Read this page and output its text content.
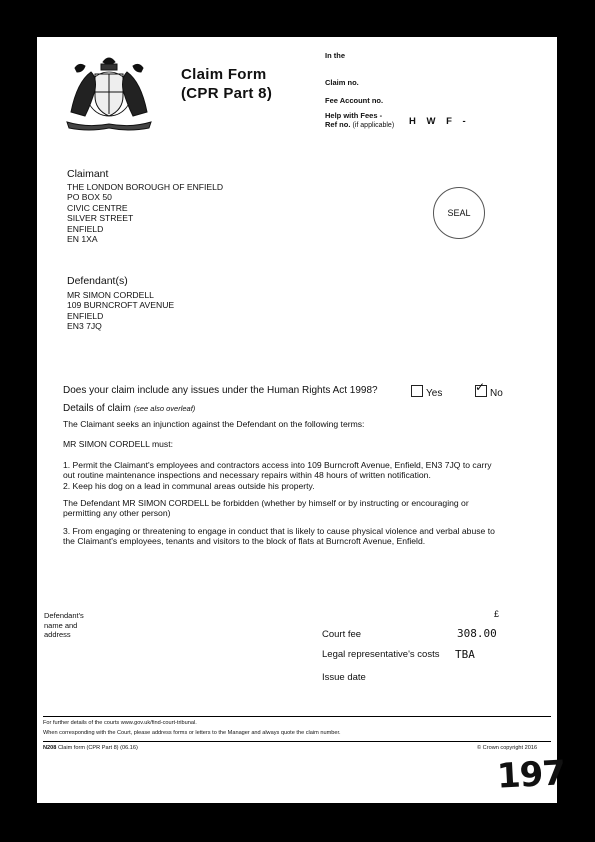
Claim Form
(CPR Part 8)
In the
Claim no.
Fee Account no.
Help with Fees -
Ref no. (if applicable) H W F -
SEAL
Claimant
THE LONDON BOROUGH OF ENFIELD
PO BOX 50
CIVIC CENTRE
SILVER STREET
ENFIELD
EN 1XA
Defendant(s)
MR SIMON CORDELL
109 BURNCROFT AVENUE
ENFIELD
EN3 7JQ
Does your claim include any issues under the Human Rights Act 1998?	Yes	✓ No
Details of claim (see also overleaf)
The Claimant seeks an injunction against the Defendant on the following terms:
MR SIMON CORDELL must:
1. Permit the Claimant's employees and contractors access into 109 Burncroft Avenue, Enfield, EN3 7JQ to carry
out routine maintenance inspections and necessary repairs within 48 hours of written notification.
2. Keep his dog on a lead in communal areas outside his property.
The Defendant MR SIMON CORDELL be forbidden (whether by himself or by instructing or encouraging or
permitting any other person)
3. From engaging or threatening to engage in conduct that is likely to cause physical violence and verbal abuse to
the Claimant's employees, tenants and visitors to the block of flats at Burncroft Avenue, Enfield.
Defendant's
name and
address
£
Court fee	308.00
Legal representative's costs TBA
Issue date
For further details of the courts www.gov.uk/find-court-tribunal.
When corresponding with the Court, please address forms or letters to the Manager and always quote the claim number.
N208 Claim form (CPR Part 8) (06.16)	© Crown copyright 2016
197
